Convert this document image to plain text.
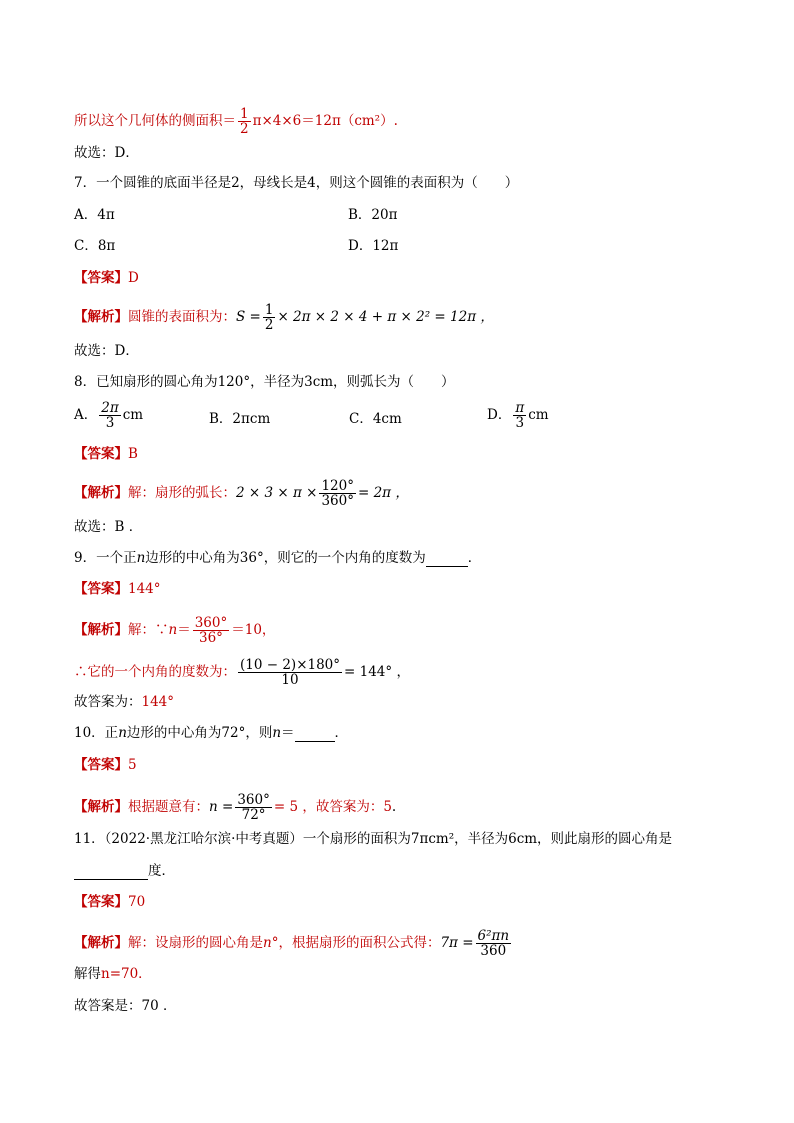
所以这个几何体的侧面积＝ $\frac{1}{2} \pi\times 4\times 6=12\pi(cm^2)$.
故选：D．
7．一个圆锥的底面半径是2，母线长是4，则这个圆锥的表面积为（　　）
A．4π	B．20π
C．8π	D．12π
【答案】D
【解析】圆锥的表面积为：$S = \frac{1}{2} \times 2\pi \times 2 \times 4 + \pi \times 2^2 = 12\pi$ ，
故选：D．
8．已知扇形的圆心角为120°，半径为3cm，则弧长为（　　）
A． $\frac{2\pi}{3}$ cm	B．2πcm	C．4cm	D． $\frac{\pi}{3}$ cm
【答案】B
【解析】解：扇形的弧长：$2 \times 3 \times \pi \times \frac{120^\circ}{360^\circ} = 2\pi$ ，
故选：B ．
9．一个正n边形的中心角为36°，则它的一个内角的度数为	．
【答案】144°
【解析】解：∵n＝ $\frac{360^\circ}{36^\circ} =10$，
∴它的一个内角的度数为： $\frac{(10 - 2)\times 180^\circ}{10} = 144^\circ$ ，
故答案为：144°
10．正n边形的中心角为72°，则n＝	．
【答案】5
【解析】根据题意有：$n = \frac{360^\circ}{72^\circ} = 5$ ，故答案为：5.
11．（2022·黑龙江哈尔滨·中考真题）一个扇形的面积为7πcm²，半径为6cm，则此扇形的圆心角是
度．
【答案】70
【解析】解：设扇形的圆心角是n°，根据扇形的面积公式得：$7\pi = \frac{\text{6²πn}}{360}$
解得n=70．
故答案是：70 ．
